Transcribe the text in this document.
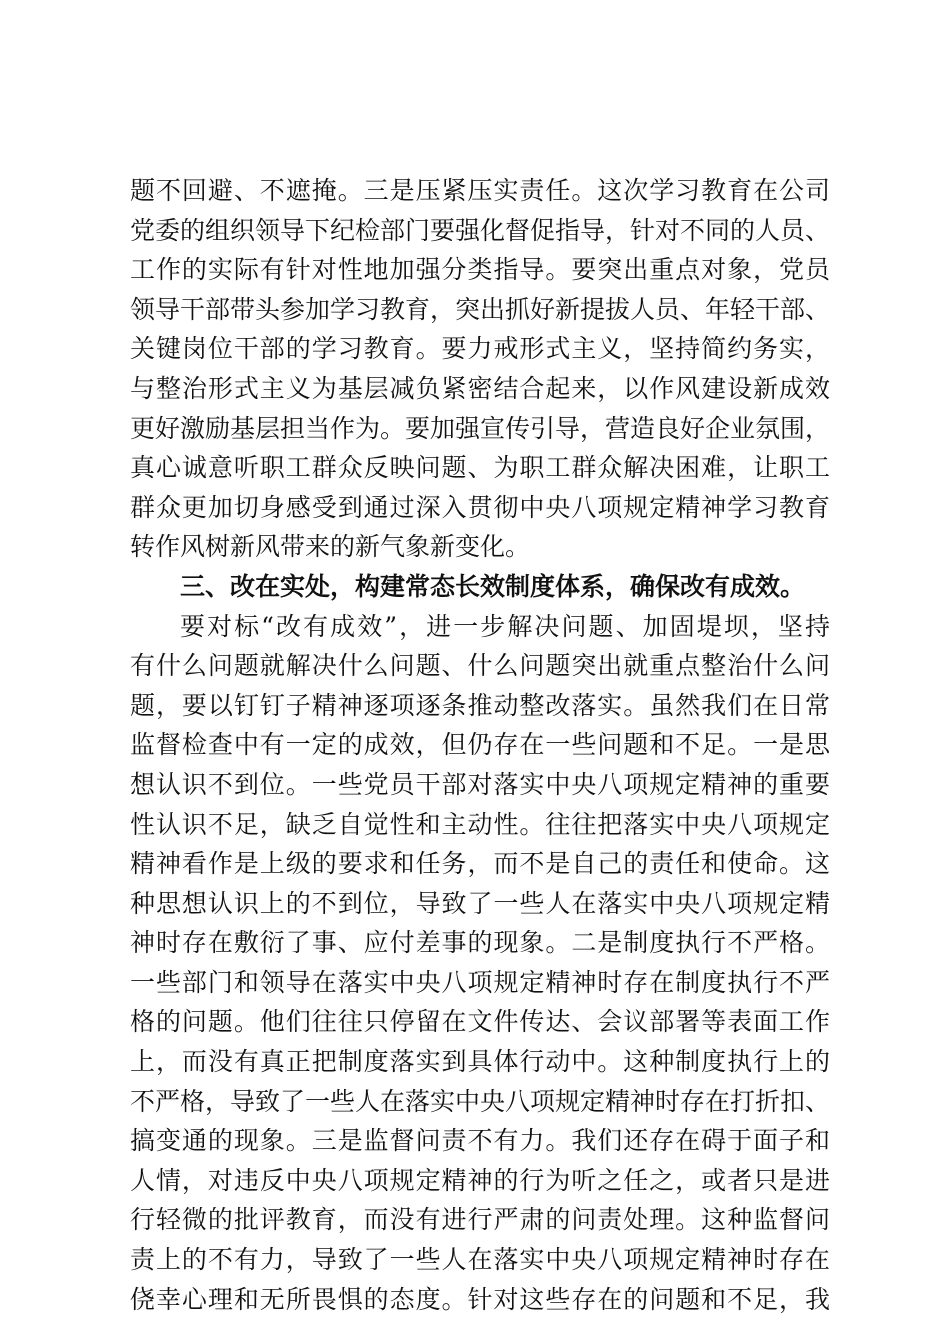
题不回避、不遮掩。三是压紧压实责任。这次学习教育在公司
党委的组织领导下纪检部门要强化督促指导，针对不同的人员、
工作的实际有针对性地加强分类指导。要突出重点对象，党员
领导干部带头参加学习教育，突出抓好新提拔人员、年轻干部、
关键岗位干部的学习教育。要力戒形式主义，坚持简约务实，
与整治形式主义为基层减负紧密结合起来，以作风建设新成效
更好激励基层担当作为。要加强宣传引导，营造良好企业氛围，
真心诚意听职工群众反映问题、为职工群众解决困难，让职工
群众更加切身感受到通过深入贯彻中央八项规定精神学习教育
转作风树新风带来的新气象新变化。
三、改在实处，构建常态长效制度体系，确保改有成效。
要对标“改有成效”，进一步解决问题、加固堤坝，坚持
有什么问题就解决什么问题、什么问题突出就重点整治什么问
题，要以钉钉子精神逐项逐条推动整改落实。虽然我们在日常
监督检查中有一定的成效，但仍存在一些问题和不足。一是思
想认识不到位。一些党员干部对落实中央八项规定精神的重要
性认识不足，缺乏自觉性和主动性。往往把落实中央八项规定
精神看作是上级的要求和任务，而不是自己的责任和使命。这
种思想认识上的不到位，导致了一些人在落实中央八项规定精
神时存在敷衍了事、应付差事的现象。二是制度执行不严格。
一些部门和领导在落实中央八项规定精神时存在制度执行不严
格的问题。他们往往只停留在文件传达、会议部署等表面工作
上，而没有真正把制度落实到具体行动中。这种制度执行上的
不严格，导致了一些人在落实中央八项规定精神时存在打折扣、
搞变通的现象。三是监督问责不有力。我们还存在碍于面子和
人情，对违反中央八项规定精神的行为听之任之，或者只是进
行轻微的批评教育，而没有进行严肃的问责处理。这种监督问
责上的不有力，导致了一些人在落实中央八项规定精神时存在
侥幸心理和无所畏惧的态度。针对这些存在的问题和不足，我
